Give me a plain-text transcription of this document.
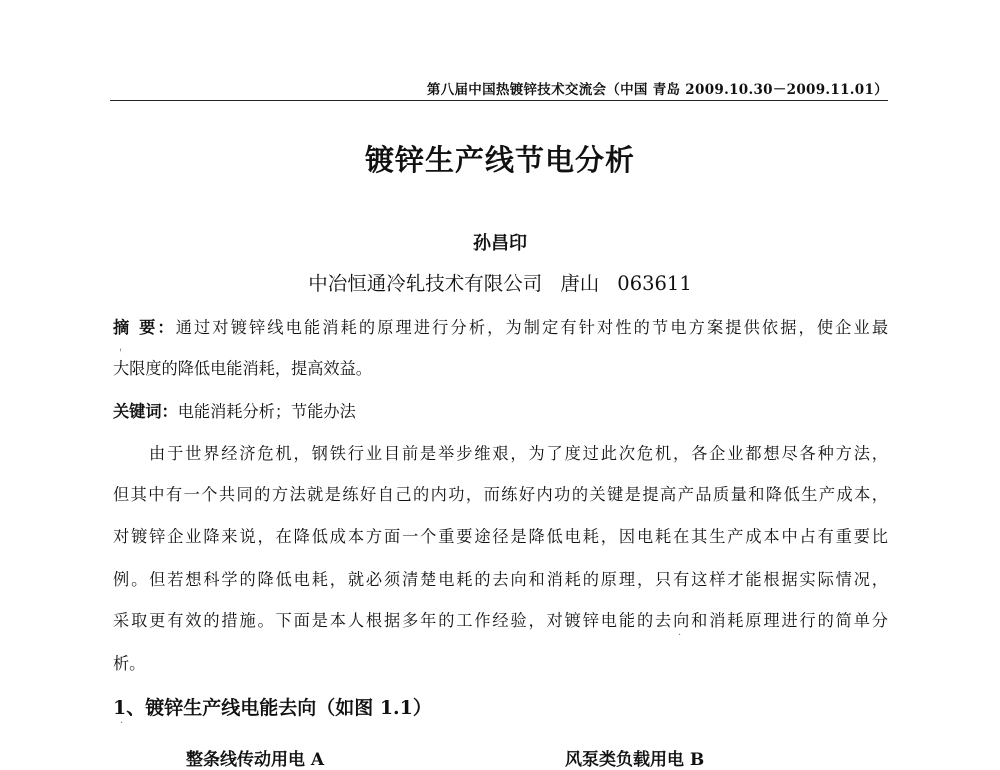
第八届中国热镀锌技术交流会（中国 青岛 2009.10.30－2009.11.01）
镀锌生产线节电分析
孙昌印
中冶恒通冷轧技术有限公司 唐山 063611
摘 要：通过对镀锌线电能消耗的原理进行分析，为制定有针对性的节电方案提供依据，使企业最
大限度的降低电能消耗，提高效益。
关键词：电能消耗分析；节能办法
由于世界经济危机，钢铁行业目前是举步维艰，为了度过此次危机，各企业都想尽各种方法，
但其中有一个共同的方法就是练好自己的内功，而练好内功的关键是提高产品质量和降低生产成本，
对镀锌企业降来说，在降低成本方面一个重要途径是降低电耗，因电耗在其生产成本中占有重要比
例。但若想科学的降低电耗，就必须清楚电耗的去向和消耗的原理，只有这样才能根据实际情况，
采取更有效的措施。下面是本人根据多年的工作经验，对镀锌电能的去向和消耗原理进行的简单分
析。
1、镀锌生产线电能去向（如图 1.1）
整条线传动用电 A	风泵类负载用电 B
'
·
·
